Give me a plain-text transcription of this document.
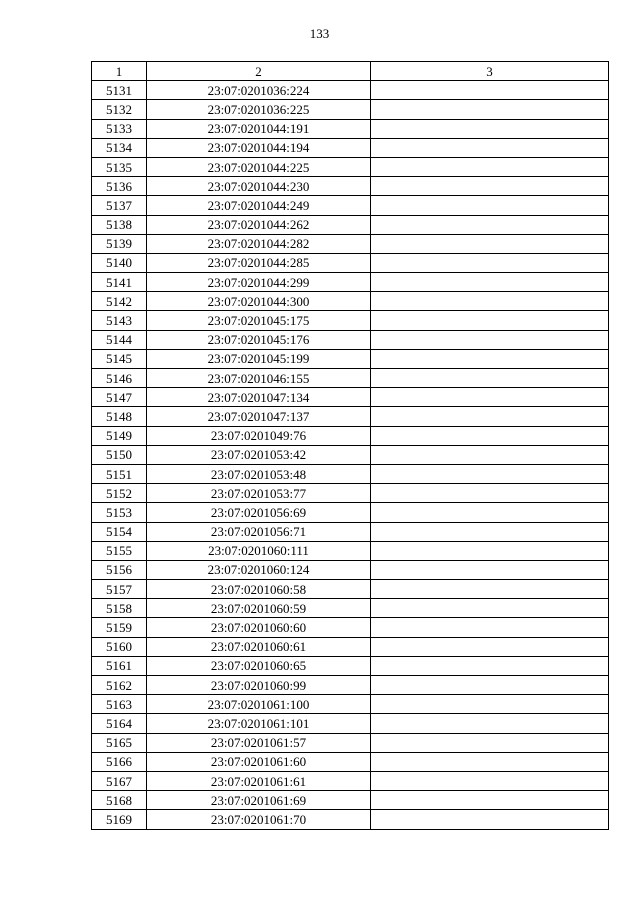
133
1	2	3
5131	23:07:0201036:224	
5132	23:07:0201036:225	
5133	23:07:0201044:191	
5134	23:07:0201044:194	
5135	23:07:0201044:225	
5136	23:07:0201044:230	
5137	23:07:0201044:249	
5138	23:07:0201044:262	
5139	23:07:0201044:282	
5140	23:07:0201044:285	
5141	23:07:0201044:299	
5142	23:07:0201044:300	
5143	23:07:0201045:175	
5144	23:07:0201045:176	
5145	23:07:0201045:199	
5146	23:07:0201046:155	
5147	23:07:0201047:134	
5148	23:07:0201047:137	
5149	23:07:0201049:76	
5150	23:07:0201053:42	
5151	23:07:0201053:48	
5152	23:07:0201053:77	
5153	23:07:0201056:69	
5154	23:07:0201056:71	
5155	23:07:0201060:111	
5156	23:07:0201060:124	
5157	23:07:0201060:58	
5158	23:07:0201060:59	
5159	23:07:0201060:60	
5160	23:07:0201060:61	
5161	23:07:0201060:65	
5162	23:07:0201060:99	
5163	23:07:0201061:100	
5164	23:07:0201061:101	
5165	23:07:0201061:57	
5166	23:07:0201061:60	
5167	23:07:0201061:61	
5168	23:07:0201061:69	
5169	23:07:0201061:70	
